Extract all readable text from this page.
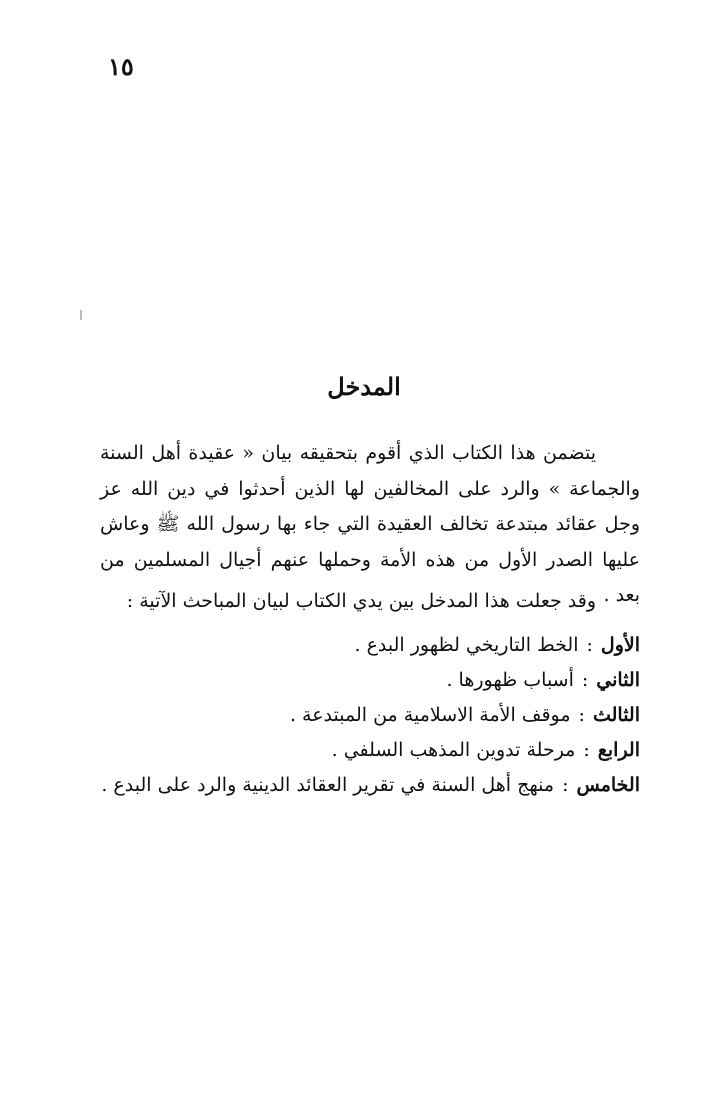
١٥
المدخل
يتضمن هذا الكتاب الذي أقوم بتحقيقه بيان « عقيدة أهل السنة والجماعة » والرد على المخالفين لها الذين أحدثوا في دين الله عز وجل عقائد مبتدعة تخالف العقيدة التي جاء بها رسول الله ﷺ وعاش عليها الصدر الأول من هذه الأمة وحملها عنهم أجيال المسلمين من بعد .
وقد جعلت هذا المدخل بين يدي الكتاب لبيان المباحث الآتية :
الأول:الخط التاريخي لظهور البدع .
الثاني:أسباب ظهورها .
الثالث:موقف الأمة الاسلامية من المبتدعة .
الرابع:مرحلة تدوين المذهب السلفي .
الخامس:منهج أهل السنة في تقرير العقائد الدينية والرد على البدع .
